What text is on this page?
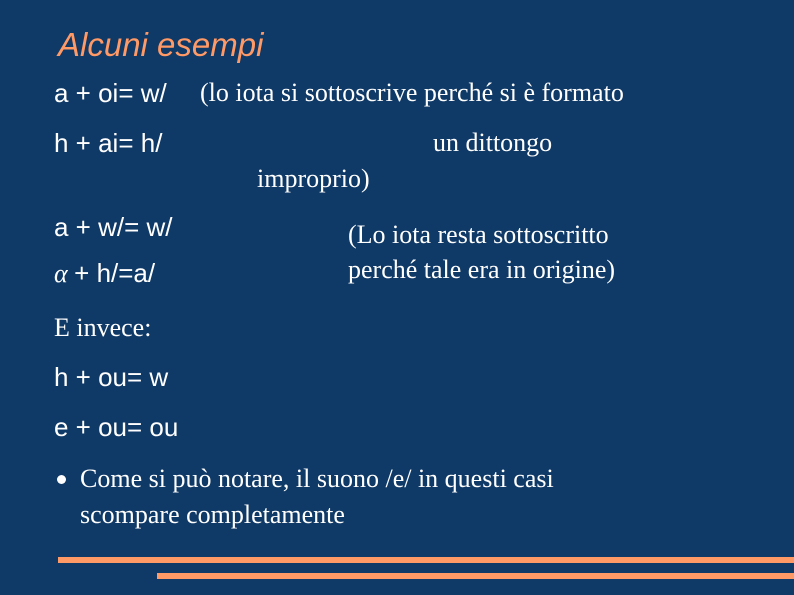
Alcuni esempi
a + oi= w/ (lo iota si sottoscrive perché si è formato
h + ai= h/	un dittongo
improprio)
a + w/= w/	(Lo iota resta sottoscritto
α + h/=a/	perché tale era in origine)
E invece:
h + ou= w
e + ou= ou
Come si può notare, il suono /e/ in questi casi
scompare completamente
